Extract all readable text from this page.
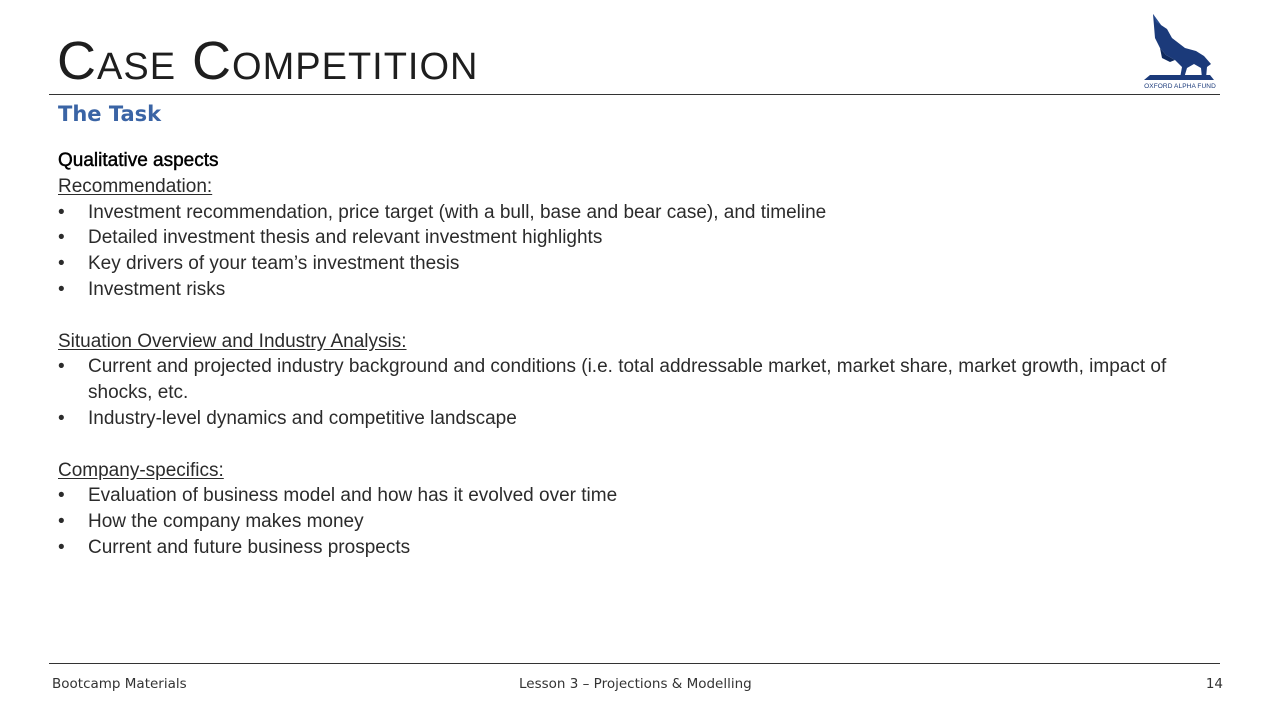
Case Competition	OXFORD ALPHA FUND
The Task
Qualitative aspects
Recommendation:
• Investment recommendation, price target (with a bull, base and bear case), and timeline
• Detailed investment thesis and relevant investment highlights
• Key drivers of your team’s investment thesis
• Investment risks
Situation Overview and Industry Analysis:
• Current and projected industry background and conditions (i.e. total addressable market, market share, market growth, impact of shocks, etc.
• Industry-level dynamics and competitive landscape
Company-specifics:
• Evaluation of business model and how has it evolved over time
• How the company makes money
• Current and future business prospects
Bootcamp Materials	Lesson 3 – Projections & Modelling	14
